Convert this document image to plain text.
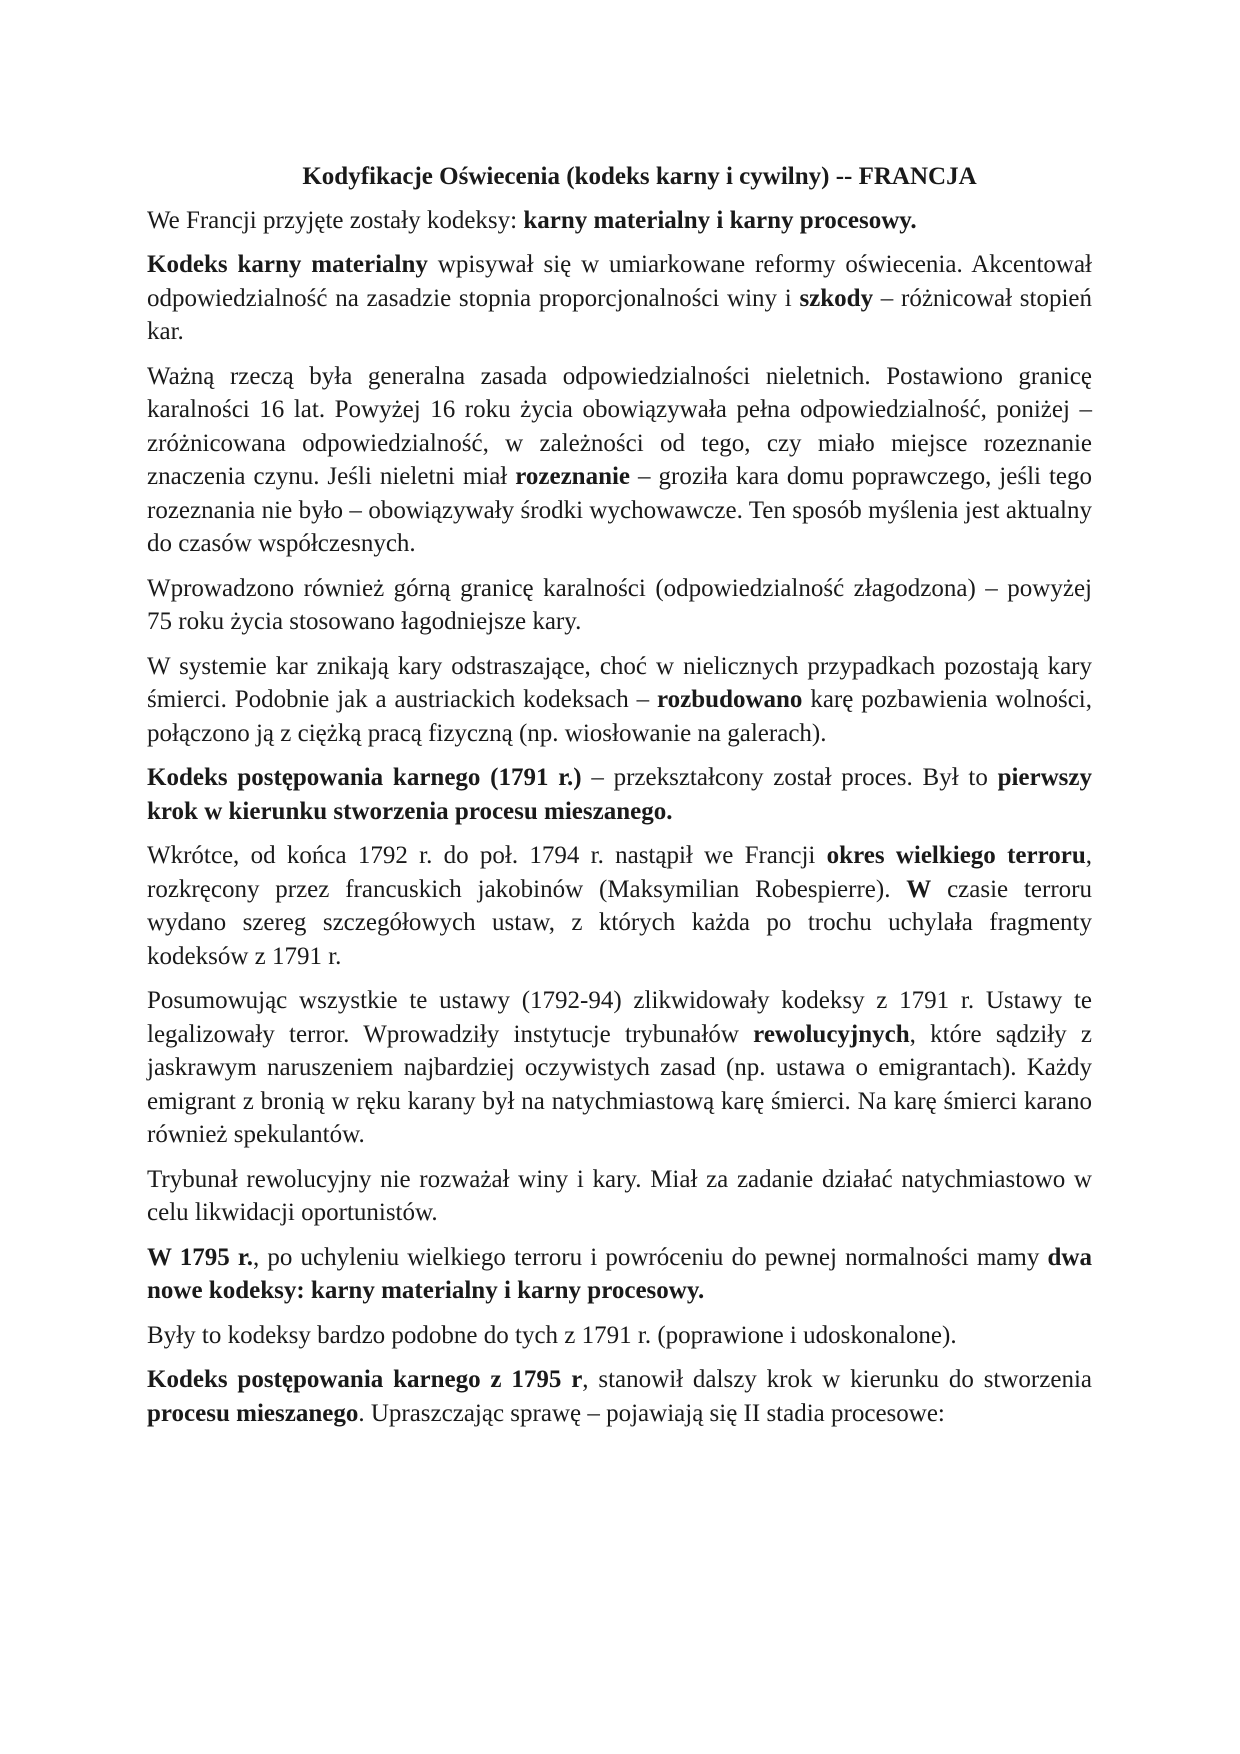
Kodyfikacje Oświecenia (kodeks karny i cywilny) -- FRANCJA

We Francji przyjęte zostały kodeksy: karny materialny i karny procesowy.

Kodeks karny materialny wpisywał się w umiarkowane reformy oświecenia. Akcentował odpowiedzialność na zasadzie stopnia proporcjonalności winy i szkody – różnicował stopień kar.

Ważną rzeczą była generalna zasada odpowiedzialności nieletnich. Postawiono granicę karalności 16 lat. Powyżej 16 roku życia obowiązywała pełna odpowiedzialność, poniżej – zróżnicowana odpowiedzialność, w zależności od tego, czy miało miejsce rozeznanie znaczenia czynu. Jeśli nieletni miał rozeznanie – groziła kara domu poprawczego, jeśli tego rozeznania nie było – obowiązywały środki wychowawcze. Ten sposób myślenia jest aktualny do czasów współczesnych.

Wprowadzono również górną granicę karalności (odpowiedzialność złagodzona) – powyżej 75 roku życia stosowano łagodniejsze kary.

W systemie kar znikają kary odstraszające, choć w nielicznych przypadkach pozostają kary śmierci. Podobnie jak a austriackich kodeksach – rozbudowano karę pozbawienia wolności, połączono ją z ciężką pracą fizyczną (np. wiosłowanie na galerach).

Kodeks postępowania karnego (1791 r.) – przekształcony został proces. Był to pierwszy krok w kierunku stworzenia procesu mieszanego.

Wkrótce, od końca 1792 r. do poł. 1794 r. nastąpił we Francji okres wielkiego terroru, rozkręcony przez francuskich jakobinów (Maksymilian Robespierre). W czasie terroru wydano szereg szczegółowych ustaw, z których każda po trochu uchylała fragmenty kodeksów z 1791 r.

Posumowując wszystkie te ustawy (1792-94) zlikwidowały kodeksy z 1791 r. Ustawy te legalizowały terror. Wprowadziły instytucje trybunałów rewolucyjnych, które sądziły z jaskrawym naruszeniem najbardziej oczywistych zasad (np. ustawa o emigrantach). Każdy emigrant z bronią w ręku karany był na natychmiastową karę śmierci. Na karę śmierci karano również spekulantów.

Trybunał rewolucyjny nie rozważał winy i kary. Miał za zadanie działać natychmiastowo w celu likwidacji oportunistów.

W 1795 r., po uchyleniu wielkiego terroru i powróceniu do pewnej normalności mamy dwa nowe kodeksy: karny materialny i karny procesowy.

Były to kodeksy bardzo podobne do tych z 1791 r. (poprawione i udoskonalone).

Kodeks postępowania karnego z 1795 r, stanowił dalszy krok w kierunku do stworzenia procesu mieszanego. Upraszczając sprawę – pojawiają się II stadia procesowe:
